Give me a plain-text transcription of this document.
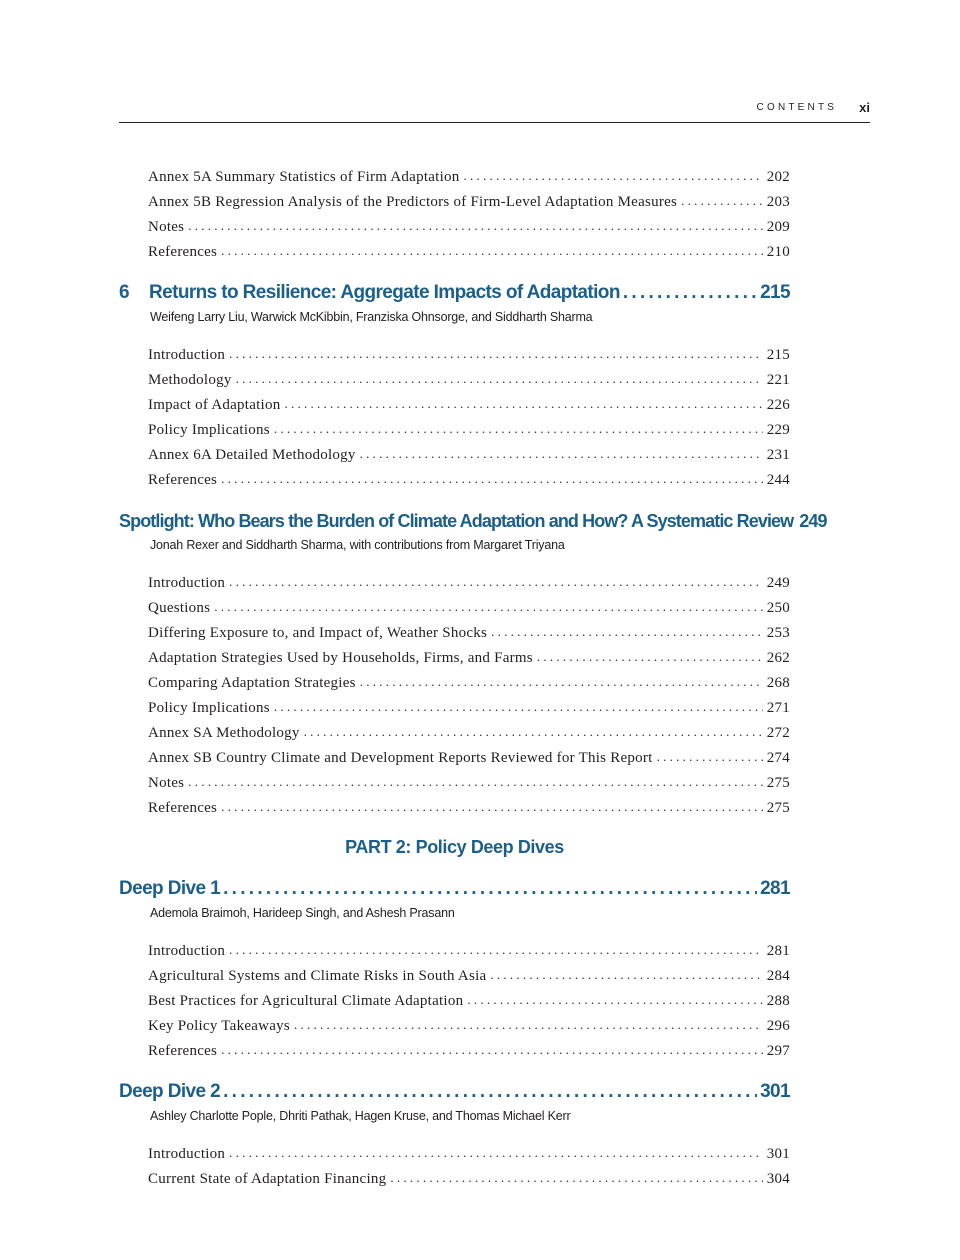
CONTENTS xi
Annex 5A Summary Statistics of Firm Adaptation . . .	202
Annex 5B Regression Analysis of the Predictors of Firm-Level Adaptation Measures . . .	203
Notes . . .	209
References . . .	210
6	Returns to Resilience: Aggregate Impacts of Adaptation . . .	215
Weifeng Larry Liu, Warwick McKibbin, Franziska Ohnsorge, and Siddharth Sharma
Introduction . . .	215
Methodology . . .	221
Impact of Adaptation . . .	226
Policy Implications . . .	229
Annex 6A Detailed Methodology . . .	231
References . . .	244
Spotlight: Who Bears the Burden of Climate Adaptation and How? A Systematic Review 249
Jonah Rexer and Siddharth Sharma, with contributions from Margaret Triyana
Introduction . . .	249
Questions . . .	250
Differing Exposure to, and Impact of, Weather Shocks . . .	253
Adaptation Strategies Used by Households, Firms, and Farms . . .	262
Comparing Adaptation Strategies . . .	268
Policy Implications . . .	271
Annex SA Methodology . . .	272
Annex SB Country Climate and Development Reports Reviewed for This Report . . .	274
Notes . . .	275
References . . .	275
PART 2: Policy Deep Dives
Deep Dive 1 . . .	281
Ademola Braimoh, Harideep Singh, and Ashesh Prasann
Introduction . . .	281
Agricultural Systems and Climate Risks in South Asia . . .	284
Best Practices for Agricultural Climate Adaptation . . .	288
Key Policy Takeaways . . .	296
References . . .	297
Deep Dive 2 . . .	301
Ashley Charlotte Pople, Dhriti Pathak, Hagen Kruse, and Thomas Michael Kerr
Introduction . . .	301
Current State of Adaptation Financing . . .	304
